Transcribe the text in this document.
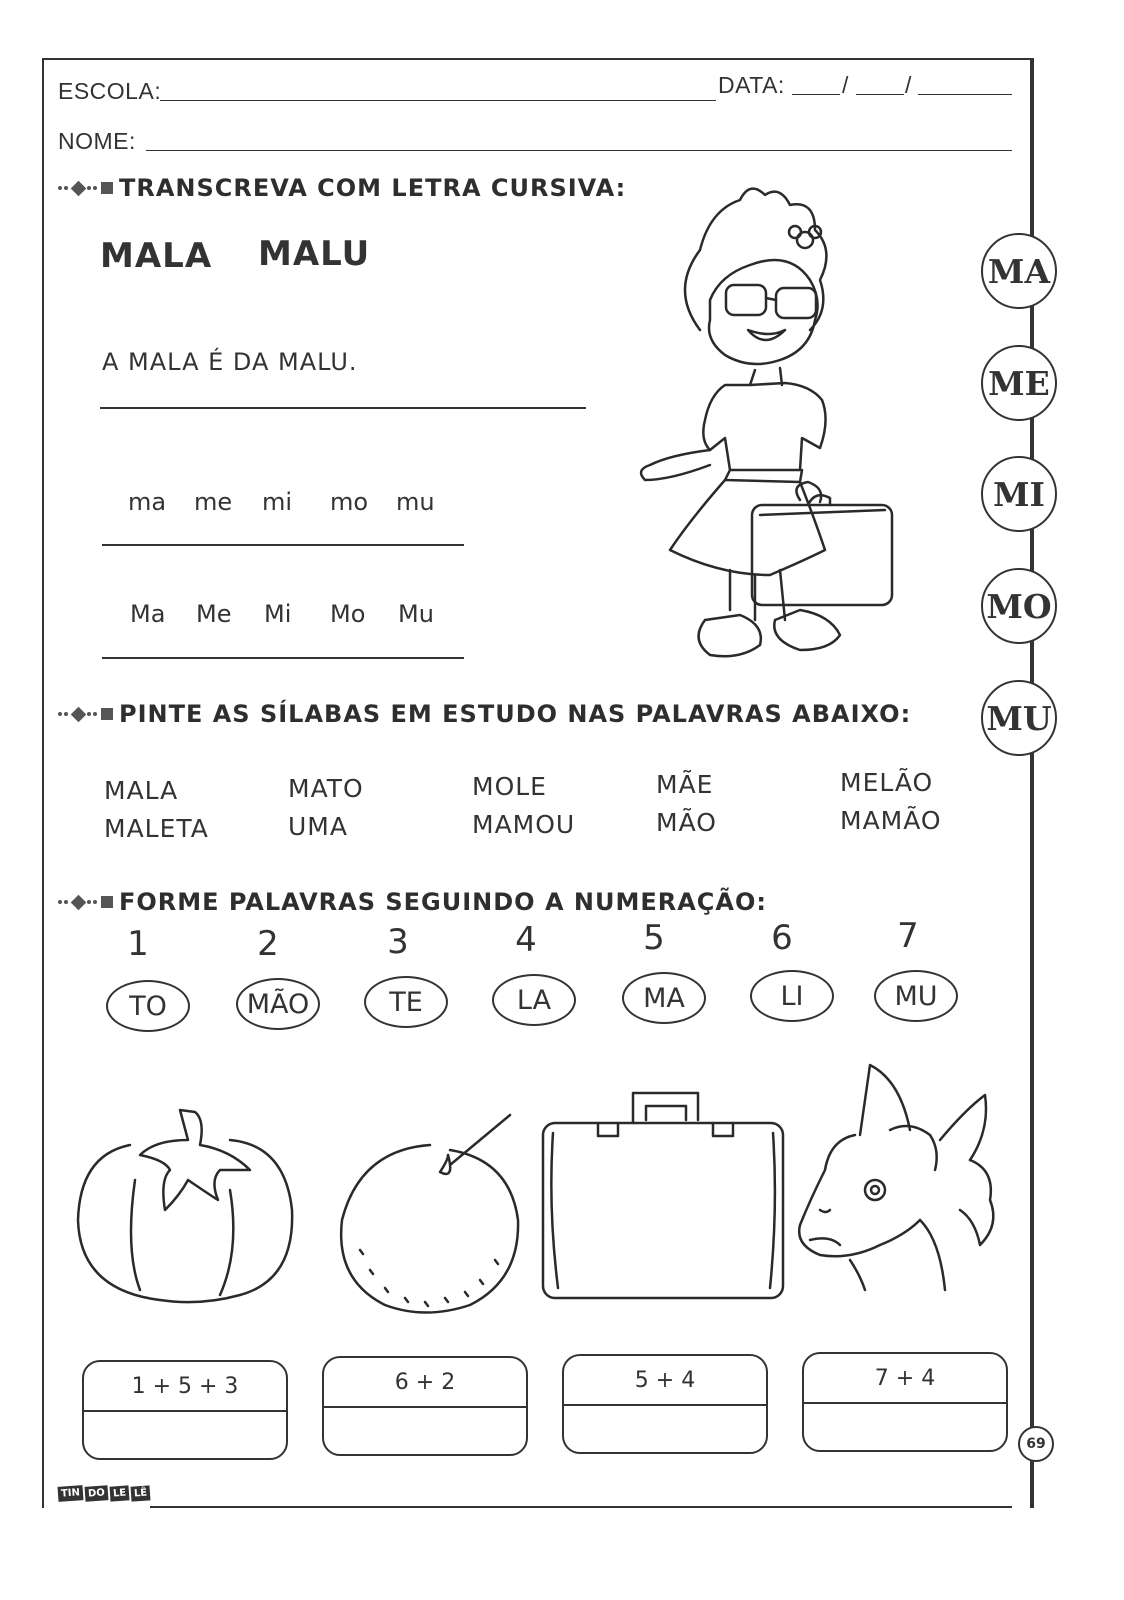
ESCOLA:	DATA: / /
NOME:
TRANSCREVA COM LETRA CURSIVA:
MALA MALU
A MALA É DA MALU.
ma me mi mo mu
Ma Me Mi Mo Mu
MA
ME
MI
MO
MU
PINTE AS SÍLABAS EM ESTUDO NAS PALAVRAS ABAIXO:
MALA
MALETA
MATO
UMA
MOLE
MAMOU
MÃE
MÃO
MELÃO
MAMÃO
FORME PALAVRAS SEGUINDO A NUMERAÇÃO:
1	2	3	4	5	6	7
TO	MÃO	TE	LA	MA	LI	MU
1 + 5 + 3	6 + 2	5 + 4	7 + 4
TIN DO LE LÊ
69
